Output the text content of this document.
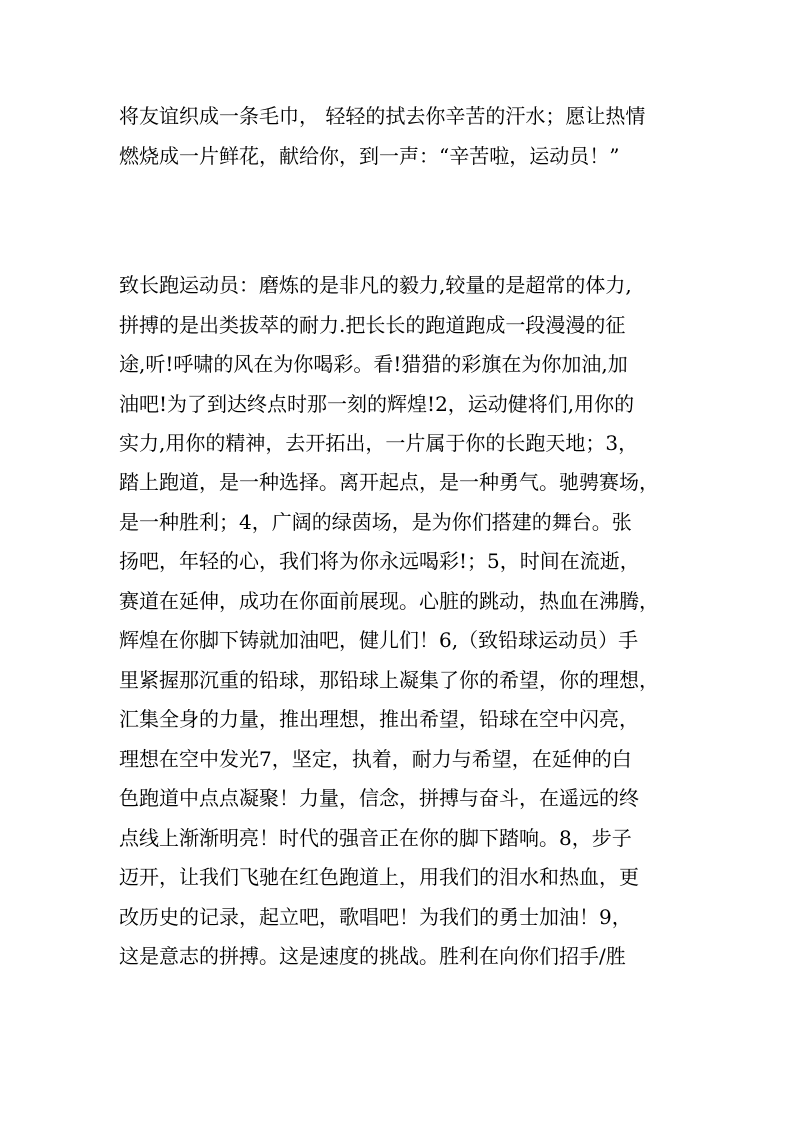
将友谊织成一条毛巾， 轻轻的拭去你辛苦的汗水；愿让热情
燃烧成一片鲜花，献给你，到一声：“辛苦啦，运动员！”
致长跑运动员：磨炼的是非凡的毅力,较量的是超常的体力,
拼搏的是出类拔萃的耐力.把长长的跑道跑成一段漫漫的征
途,听!呼啸的风在为你喝彩。看!猎猎的彩旗在为你加油,加
油吧!为了到达终点时那一刻的辉煌!2，运动健将们,用你的
实力,用你的精神，去开拓出，一片属于你的长跑天地；3，
踏上跑道，是一种选择。离开起点，是一种勇气。驰骋赛场，
是一种胜利；4，广阔的绿茵场，是为你们搭建的舞台。张
扬吧，年轻的心，我们将为你永远喝彩!；5，时间在流逝，
赛道在延伸，成功在你面前展现。心脏的跳动，热血在沸腾，
辉煌在你脚下铸就加油吧，健儿们！6,（致铅球运动员）手
里紧握那沉重的铅球，那铅球上凝集了你的希望，你的理想，
汇集全身的力量，推出理想，推出希望，铅球在空中闪亮，
理想在空中发光7，坚定，执着，耐力与希望，在延伸的白
色跑道中点点凝聚！力量，信念，拼搏与奋斗，在遥远的终
点线上渐渐明亮！时代的强音正在你的脚下踏响。8，步子
迈开，让我们飞驰在红色跑道上，用我们的泪水和热血，更
改历史的记录，起立吧，歌唱吧！为我们的勇士加油！9，
这是意志的拼搏。这是速度的挑战。胜利在向你们招手/胜
